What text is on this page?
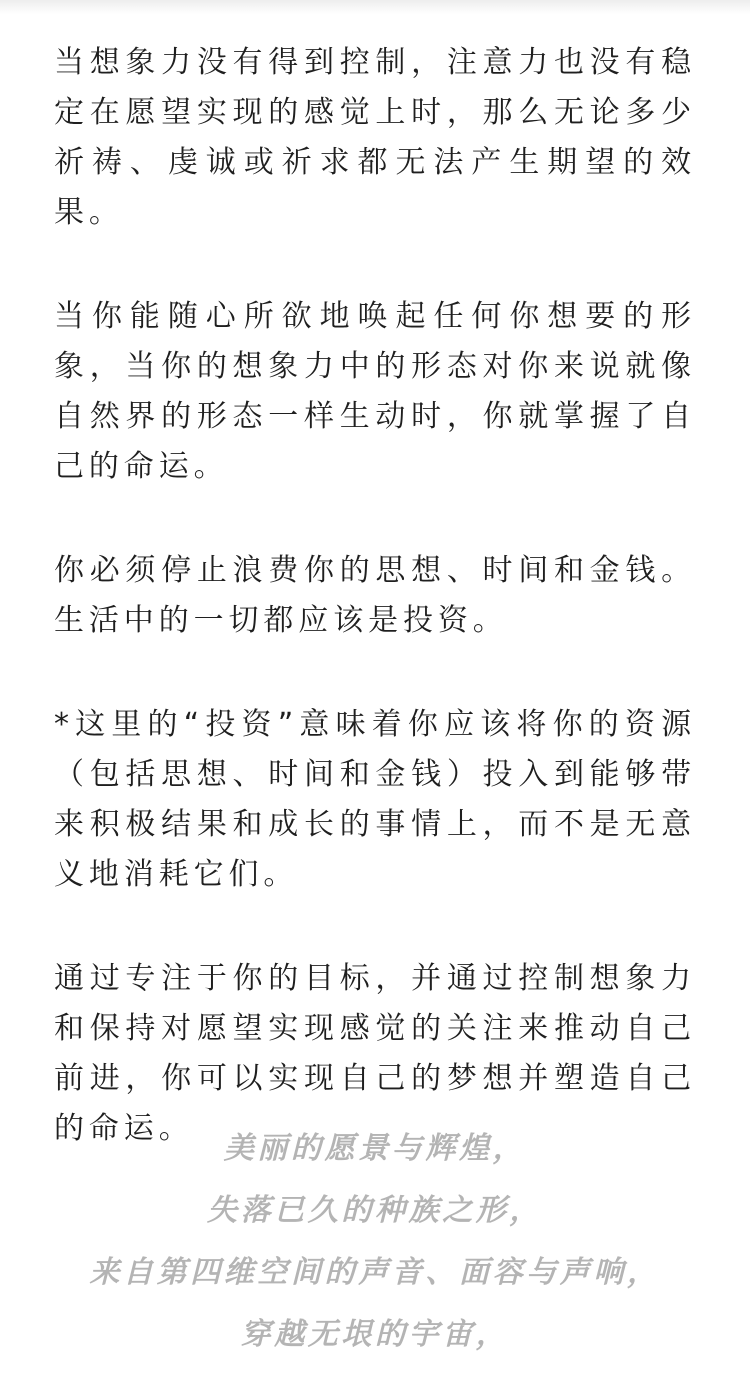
当想象力没有得到控制，注意力也没有稳定在愿望实现的感觉上时，那么无论多少祈祷、虔诚或祈求都无法产生期望的效果。

当你能随心所欲地唤起任何你想要的形象，当你的想象力中的形态对你来说就像自然界的形态一样生动时，你就掌握了自己的命运。

你必须停止浪费你的思想、时间和金钱。生活中的一切都应该是投资。

*这里的“投资”意味着你应该将你的资源（包括思想、时间和金钱）投入到能够带来积极结果和成长的事情上，而不是无意义地消耗它们。

通过专注于你的目标，并通过控制想象力和保持对愿望实现感觉的关注来推动自己前进，你可以实现自己的梦想并塑造自己的命运。

美丽的愿景与辉煌，

失落已久的种族之形，

来自第四维空间的声音、面容与声响，

穿越无垠的宇宙，
